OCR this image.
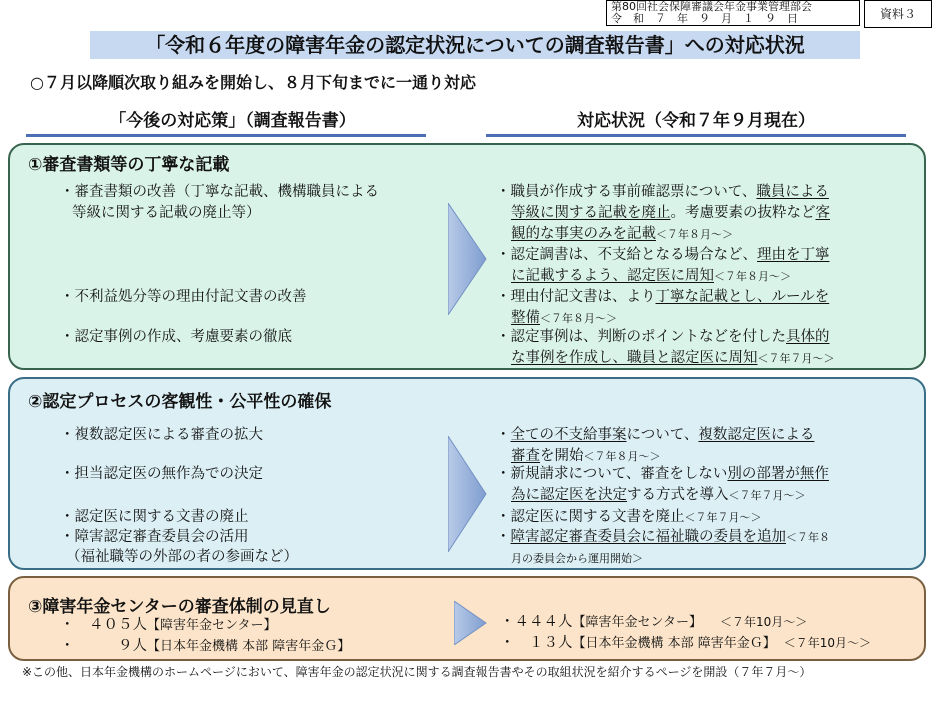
第80回社会保障審議会年金事業管理部会
令　和　７　年　９　月　１　９　日	資料３
「令和６年度の障害年金の認定状況についての調査報告書」への対応状況
○７月以降順次取り組みを開始し、８月下旬までに一通り対応
「今後の対応策」（調査報告書）	対応状況（令和７年９月現在）
①審査書類等の丁寧な記載
・審査書類の改善（丁寧な記載、機構職員による
等級に関する記載の廃止等）
・不利益処分等の理由付記文書の改善
・認定事例の作成、考慮要素の徹底
・職員が作成する事前確認票について、職員による
等級に関する記載を廃止。考慮要素の抜粋など客
観的な事実のみを記載＜７年８月～＞
・認定調書は、不支給となる場合など、理由を丁寧
に記載するよう、認定医に周知＜７年８月～＞
・理由付記文書は、より丁寧な記載とし、ルールを
整備＜７年８月～＞
・認定事例は、判断のポイントなどを付した具体的
な事例を作成し、職員と認定医に周知＜７年７月～＞
②認定プロセスの客観性・公平性の確保
・複数認定医による審査の拡大
・担当認定医の無作為での決定
・認定医に関する文書の廃止
・障害認定審査委員会の活用
（福祉職等の外部の者の参画など）
・全ての不支給事案について、複数認定医による
審査を開始＜７年８月～＞
・新規請求について、審査をしない別の部署が無作
為に認定医を決定する方式を導入＜７年７月～＞
・認定医に関する文書を廃止＜７年７月～＞
・障害認定審査委員会に福祉職の委員を追加＜７年８
月の委員会から運用開始＞
③障害年金センターの審査体制の見直し
・　４０５人【障害年金センター】
・　　　９人【日本年金機構 本部 障害年金Ｇ】
・４４４人【障害年金センター】 ＜７年10月～＞
・　１３人【日本年金機構 本部 障害年金Ｇ】 ＜７年10月～＞
※この他、日本年金機構のホームページにおいて、障害年金の認定状況に関する調査報告書やその取組状況を紹介するページを開設（７年７月～）
